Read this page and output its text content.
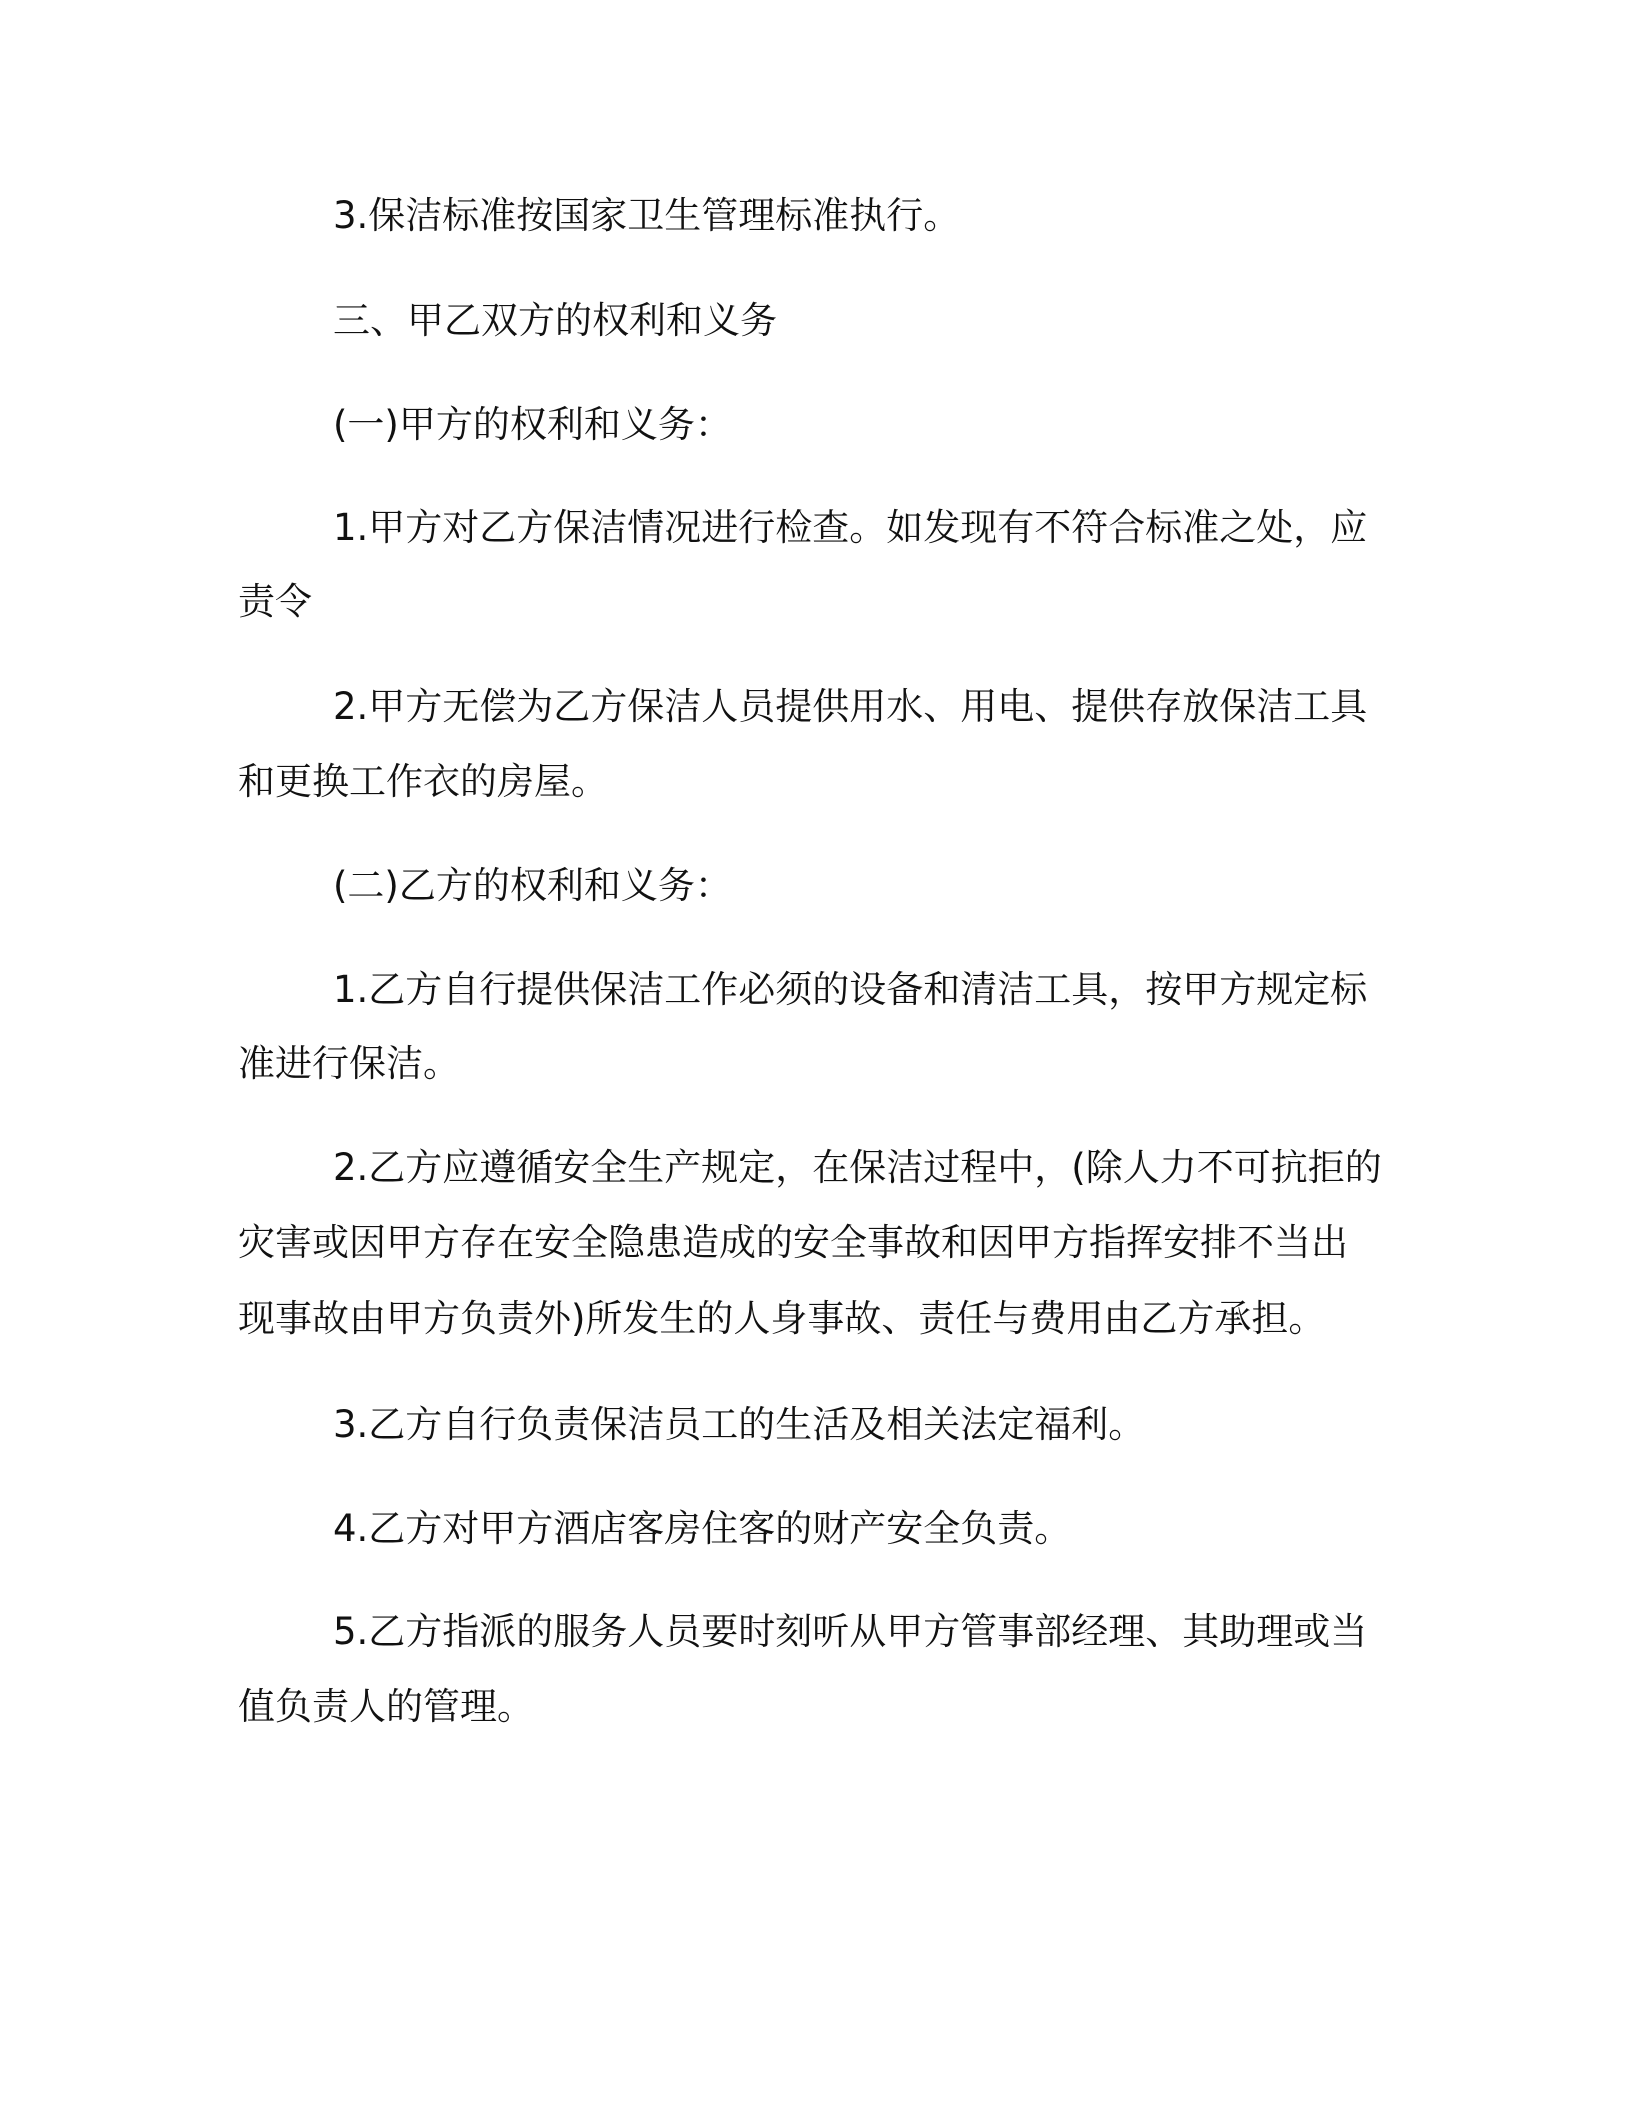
3.保洁标准按国家卫生管理标准执行。

三、甲乙双方的权利和义务

(一)甲方的权利和义务：

1.甲方对乙方保洁情况进行检查。如发现有不符合标准之处，应

责令

2.甲方无偿为乙方保洁人员提供用水、用电、提供存放保洁工具

和更换工作衣的房屋。

(二)乙方的权利和义务：

1.乙方自行提供保洁工作必须的设备和清洁工具，按甲方规定标

准进行保洁。

2.乙方应遵循安全生产规定，在保洁过程中，(除人力不可抗拒的

灾害或因甲方存在安全隐患造成的安全事故和因甲方指挥安排不当出

现事故由甲方负责外)所发生的人身事故、责任与费用由乙方承担。

3.乙方自行负责保洁员工的生活及相关法定福利。

4.乙方对甲方酒店客房住客的财产安全负责。

5.乙方指派的服务人员要时刻听从甲方管事部经理、其助理或当

值负责人的管理。
